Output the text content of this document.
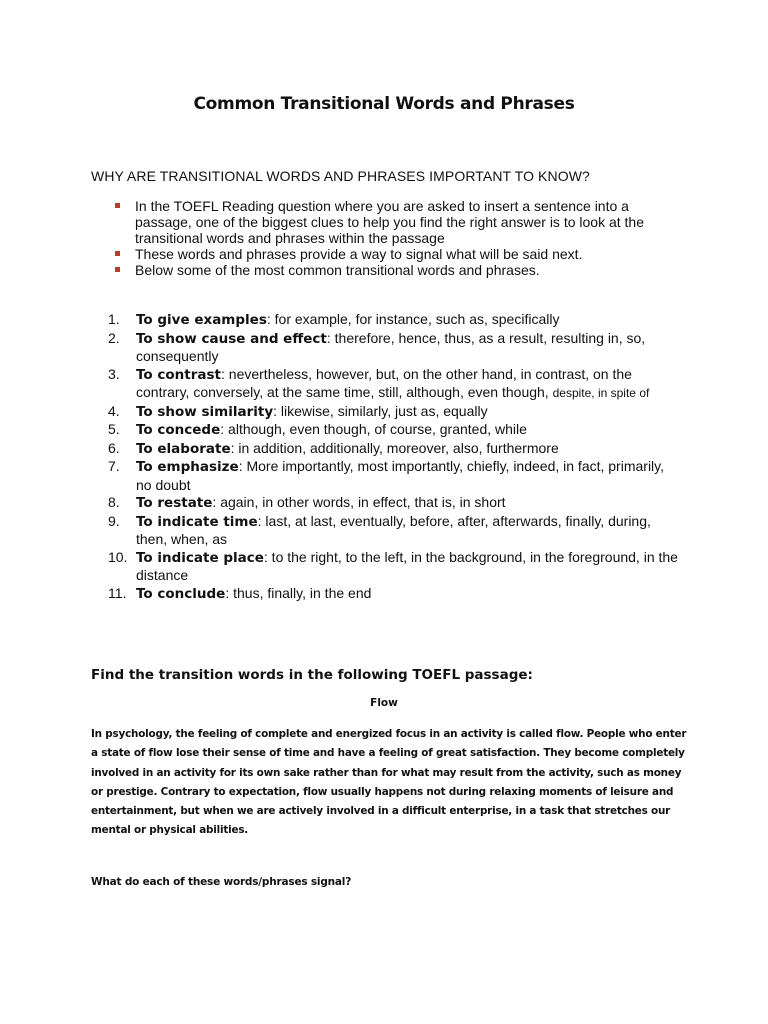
Common Transitional Words and Phrases
WHY ARE TRANSITIONAL WORDS AND PHRASES IMPORTANT TO KNOW?
In the TOEFL Reading question where you are asked to insert a sentence into a passage, one of the biggest clues to help you find the right answer is to look at the transitional words and phrases within the passage
These words and phrases provide a way to signal what will be said next.
Below some of the most common transitional words and phrases.
1. To give examples: for example, for instance, such as, specifically
2. To show cause and effect: therefore, hence, thus, as a result, resulting in, so, consequently
3. To contrast: nevertheless, however, but, on the other hand, in contrast, on the contrary, conversely, at the same time, still, although, even though, despite, in spite of
4. To show similarity: likewise, similarly, just as, equally
5. To concede: although, even though, of course, granted, while
6. To elaborate: in addition, additionally, moreover, also, furthermore
7. To emphasize: More importantly, most importantly, chiefly, indeed, in fact, primarily, no doubt
8. To restate: again, in other words, in effect, that is, in short
9. To indicate time: last, at last, eventually, before, after, afterwards, finally, during, then, when, as
10. To indicate place: to the right, to the left, in the background, in the foreground, in the distance
11. To conclude: thus, finally, in the end
Find the transition words in the following TOEFL passage:
Flow

In psychology, the feeling of complete and energized focus in an activity is called flow. People who enter a state of flow lose their sense of time and have a feeling of great satisfaction. They become completely involved in an activity for its own sake rather than for what may result from the activity, such as money or prestige. Contrary to expectation, flow usually happens not during relaxing moments of leisure and entertainment, but when we are actively involved in a difficult enterprise, in a task that stretches our mental or physical abilities.

What do each of these words/phrases signal?
